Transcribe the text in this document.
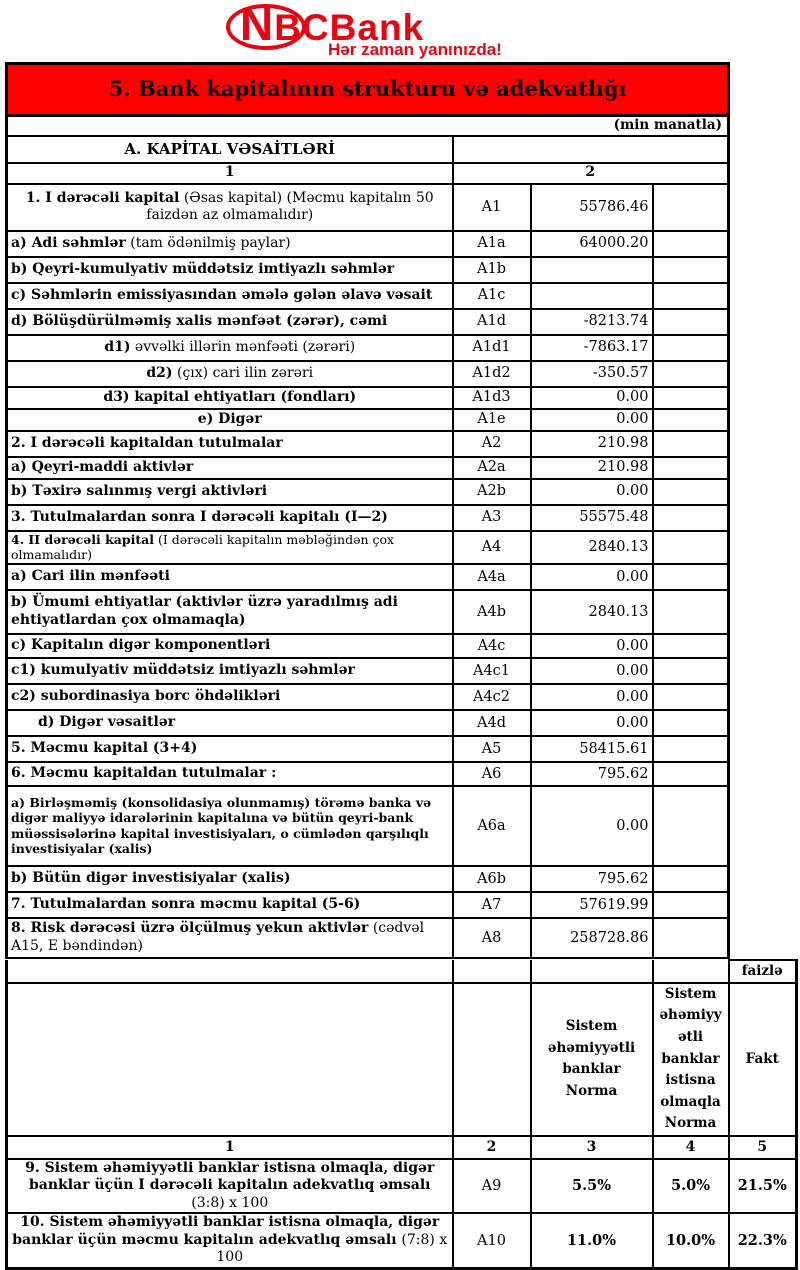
NBCBank
Hər zaman yanınızda!
5. Bank kapitalının strukturu və adekvatlığı			
(min manatla)			
A. KAPİTAL VƏSAİTLƏRİ			
1	2		
1. I dərəcəli kapital (Əsas kapital) (Məcmu kapitalın 50 faizdən az olmamalıdır)	A1	55786.46	
a) Adi səhmlər (tam ödənilmiş paylar)	A1a	64000.20	
b) Qeyri-kumulyativ müddətsiz imtiyazlı səhmlər	A1b		
c) Səhmlərin emissiyasından əmələ gələn əlavə vəsait	A1c		
d) Bölüşdürülməmiş xalis mənfəət (zərər), cəmi	A1d	-8213.74	
d1) əvvəlki illərin mənfəəti (zərəri)	A1d1	-7863.17	
d2) (çıx) cari ilin zərəri	A1d2	-350.57	
d3) kapital ehtiyatları (fondları)	A1d3	0.00	
e) Digər	A1e	0.00	
2. I dərəcəli kapitaldan tutulmalar	A2	210.98	
a) Qeyri-maddi aktivlər	A2a	210.98	
b) Təxirə salınmış vergi aktivləri	A2b	0.00	
3. Tutulmalardan sonra I dərəcəli kapitalı (I—2)	A3	55575.48	
4. II dərəcəli kapital (I dərəcəli kapitalın məbləğindən çox olmamalıdır)	A4	2840.13	
a) Cari ilin mənfəəti	A4a	0.00	
b) Ümumi ehtiyatlar (aktivlər üzrə yaradılmış adi ehtiyatlardan çox olmamaqla)	A4b	2840.13	
c) Kapitalın digər komponentləri	A4c	0.00	
c1) kumulyativ müddətsiz imtiyazlı səhmlər	A4c1	0.00	
c2) subordinasiya borc öhdəlikləri	A4c2	0.00	
d) Digər vəsaitlər	A4d	0.00	
5. Məcmu kapital (3+4)	A5	58415.61	
6. Məcmu kapitaldan tutulmalar :	A6	795.62	
a) Birləşməmiş (konsolidasiya olunmamış) törəmə banka və digər maliyyə idarələrinin kapitalına və bütün qeyri-bank müəssisələrinə kapital investisiyaları, o cümlədən qarşılıqlı investisiyalar (xalis)	A6a	0.00	
b) Bütün digər investisiyalar (xalis)	A6b	795.62	
7. Tutulmalardan sonra məcmu kapital (5-6)	A7	57619.99	
8. Risk dərəcəsi üzrə ölçülmuş yekun aktivlər (cədvəl A15, E bəndindən)	A8	258728.86	
				faizlə
		Sistem əhəmiyyətli banklar Norma	Sistem əhəmiyyətli banklar istisna olmaqla Norma	Fakt
1	2	3	4	5
9. Sistem əhəmiyyətli banklar istisna olmaqla, digər banklar üçün I dərəcəli kapitalın adekvatlıq əmsalı (3:8) x 100	A9	5.5%	5.0%	21.5%
10. Sistem əhəmiyyətli banklar istisna olmaqla, digər banklar üçün məcmu kapitalın adekvatlıq əmsalı (7:8) x 100	A10	11.0%	10.0%	22.3%
